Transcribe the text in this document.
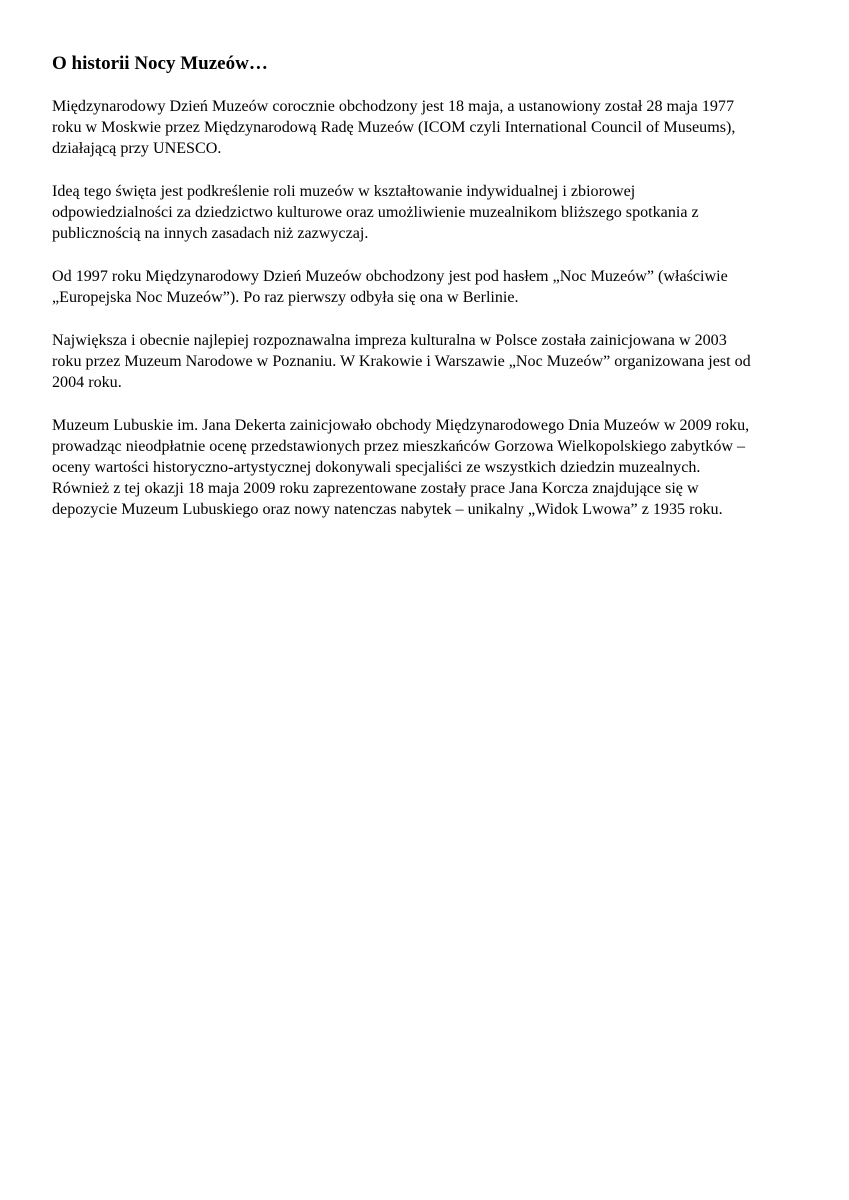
O historii Nocy Muzeów…

Międzynarodowy Dzień Muzeów corocznie obchodzony jest 18 maja, a ustanowiony został 28 maja 1977
roku w Moskwie przez Międzynarodową Radę Muzeów (ICOM czyli International Council of Museums),
działającą przy UNESCO.

Ideą tego święta jest podkreślenie roli muzeów w kształtowanie indywidualnej i zbiorowej
odpowiedzialności za dziedzictwo kulturowe oraz umożliwienie muzealnikom bliższego spotkania z
publicznością na innych zasadach niż zazwyczaj.

Od 1997 roku Międzynarodowy Dzień Muzeów obchodzony jest pod hasłem „Noc Muzeów” (właściwie
„Europejska Noc Muzeów”). Po raz pierwszy odbyła się ona w Berlinie.

Największa i obecnie najlepiej rozpoznawalna impreza kulturalna w Polsce została zainicjowana w 2003
roku przez Muzeum Narodowe w Poznaniu. W Krakowie i Warszawie „Noc Muzeów” organizowana jest od
2004 roku.

Muzeum Lubuskie im. Jana Dekerta zainicjowało obchody Międzynarodowego Dnia Muzeów w 2009 roku,
prowadząc nieodpłatnie ocenę przedstawionych przez mieszkańców Gorzowa Wielkopolskiego zabytków –
oceny wartości historyczno-artystycznej dokonywali specjaliści ze wszystkich dziedzin muzealnych.
Również z tej okazji 18 maja 2009 roku zaprezentowane zostały prace Jana Korcza znajdujące się w
depozycie Muzeum Lubuskiego oraz nowy natenczas nabytek – unikalny „Widok Lwowa” z 1935 roku.
